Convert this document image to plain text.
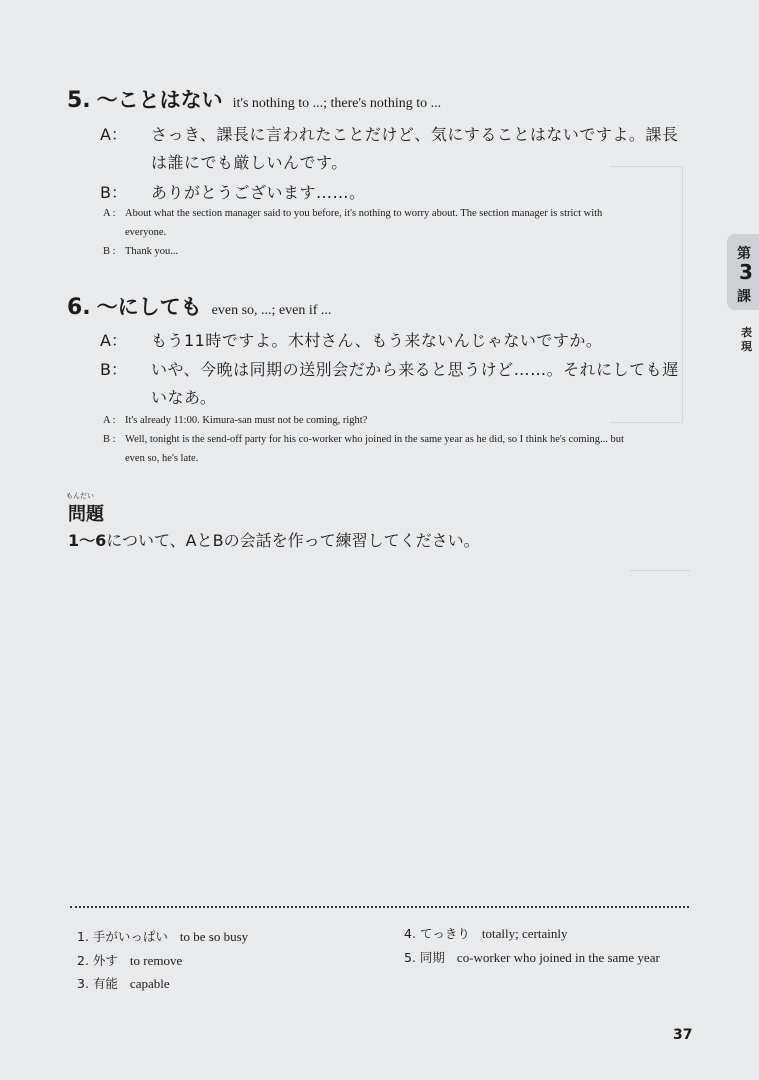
5. 〜ことはない it's nothing to ...; there's nothing to ...
A： さっき、課長に言われたことだけど、気にすることはないですよ。課長
は誰にでも厳しいんです。
B： ありがとうございます……。
A : About what the section manager said to you before, it's nothing to worry about. The section manager is strict with
everyone.
B : Thank you...
6. 〜にしても even so, ...; even if ...
A： もう11時ですよ。木村さん、もう来ないんじゃないですか。
B： いや、今晩は同期の送別会だから来ると思うけど……。それにしても遅
いなあ。
A : It's already 11:00. Kimura-san must not be coming, right?
B : Well, tonight is the send-off party for his co-worker who joined in the same year as he did, so I think he's coming... but
even so, he's late.
もんだい
問題
1〜6について、AとBの会話を作って練習してください。
1. 手がいっぱい to be so busy
2. 外す to remove
3. 有能 capable
4. てっきり totally; certainly
5. 同期 co-worker who joined in the same year
第
3
課
表現
37
